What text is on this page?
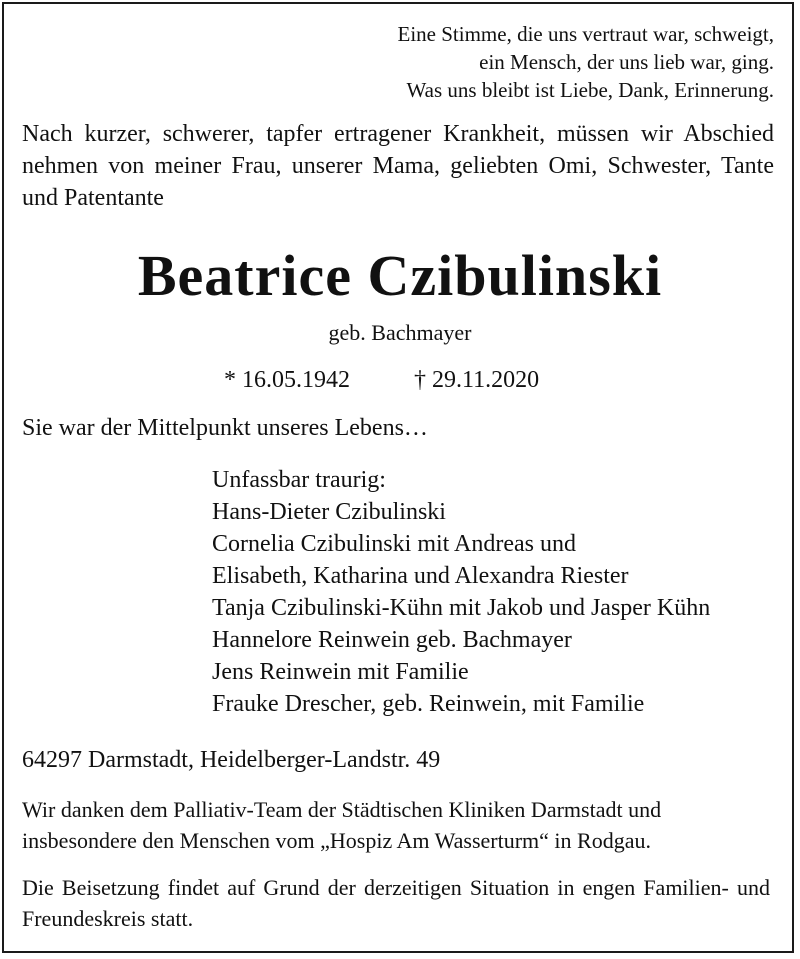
Eine Stimme, die uns vertraut war, schweigt,
ein Mensch, der uns lieb war, ging.
Was uns bleibt ist Liebe, Dank, Erinnerung.
Nach kurzer, schwerer, tapfer ertragener Krankheit, müssen wir Abschied nehmen von meiner Frau, unserer Mama, geliebten Omi, Schwester, Tante und Patentante
Beatrice Czibulinski
geb. Bachmayer
* 16.05.1942	† 29.11.2020
Sie war der Mittelpunkt unseres Lebens…
Unfassbar traurig:
Hans-Dieter Czibulinski
Cornelia Czibulinski mit Andreas und
Elisabeth, Katharina und Alexandra Riester
Tanja Czibulinski-Kühn mit Jakob und Jasper Kühn
Hannelore Reinwein geb. Bachmayer
Jens Reinwein mit Familie
Frauke Drescher, geb. Reinwein, mit Familie
64297 Darmstadt, Heidelberger-Landstr. 49
Wir danken dem Palliativ-Team der Städtischen Kliniken Darmstadt und
insbesondere den Menschen vom „Hospiz Am Wasserturm“ in Rodgau.
Die Beisetzung findet auf Grund der derzeitigen Situation in engen Familien- und Freundeskreis statt.
